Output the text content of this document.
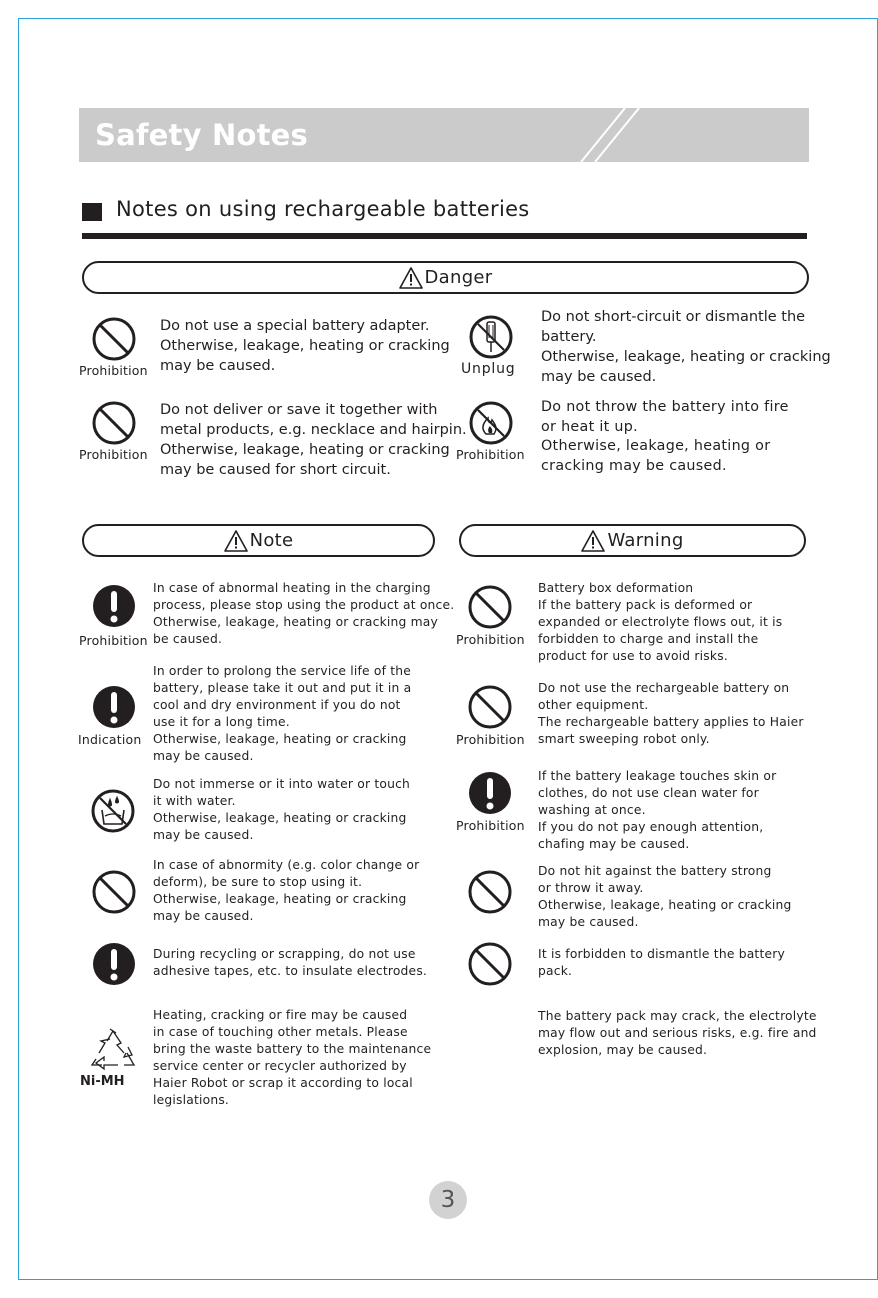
Safety Notes
Notes on using rechargeable batteries
Danger
Prohibition
Do not use a special battery adapter.
Otherwise, leakage, heating or cracking
may be caused.	Unplug
Do not short-circuit or dismantle the
battery.
Otherwise, leakage, heating or cracking
may be caused.
Prohibition
Do not deliver or save it together with
metal products, e.g. necklace and hairpin.
Otherwise, leakage, heating or cracking
may be caused for short circuit.
Prohibition
Do not throw the battery into fire
or heat it up.
Otherwise, leakage, heating or
cracking may be caused.
Note
Prohibition
In case of abnormal heating in the charging
process, please stop using the product at once.
Otherwise, leakage, heating or cracking may
be caused.
Indication
In order to prolong the service life of the
battery, please take it out and put it in a
cool and dry environment if you do not
use it for a long time.
Otherwise, leakage, heating or cracking
may be caused.
Do not immerse or it into water or touch
it with water.
Otherwise, leakage, heating or cracking
may be caused.
In case of abnormity (e.g. color change or
deform), be sure to stop using it.
Otherwise, leakage, heating or cracking
may be caused.
During recycling or scrapping, do not use
adhesive tapes, etc. to insulate electrodes.
Ni-MH
Heating, cracking or fire may be caused
in case of touching other metals. Please
bring the waste battery to the maintenance
service center or recycler authorized by
Haier Robot or scrap it according to local
legislations.
Warning
Prohibition
Battery box deformation
If the battery pack is deformed or
expanded or electrolyte flows out, it is
forbidden to charge and install the
product for use to avoid risks.
Prohibition
Do not use the rechargeable battery on
other equipment.
The rechargeable battery applies to Haier
smart sweeping robot only.
Prohibition
If the battery leakage touches skin or
clothes, do not use clean water for
washing at once.
If you do not pay enough attention,
chafing may be caused.
Do not hit against the battery strong
or throw it away.
Otherwise, leakage, heating or cracking
may be caused.
It is forbidden to dismantle the battery
pack.
The battery pack may crack, the electrolyte
may flow out and serious risks, e.g. fire and
explosion, may be caused.
3
